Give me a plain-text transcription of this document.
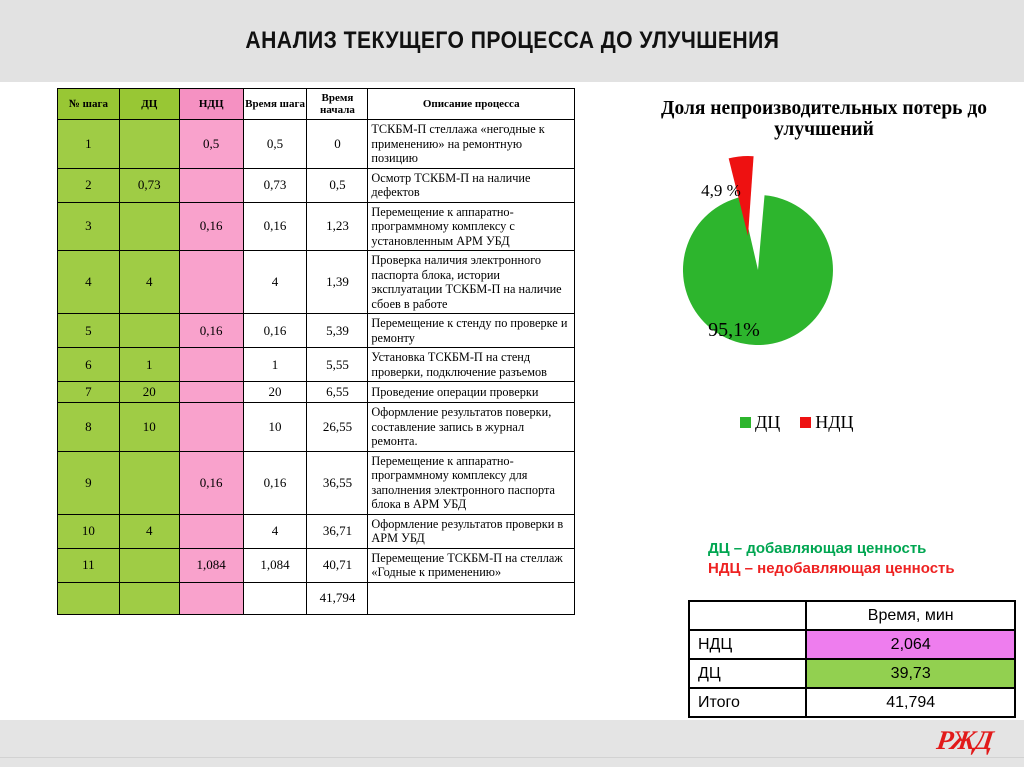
АНАЛИЗ ТЕКУЩЕГО ПРОЦЕССА ДО УЛУЧШЕНИЯ
№ шага	ДЦ	НДЦ	Время шага	Время начала	Описание процесса
1		0,5	0,5	0	ТСКБМ-П стеллажа «негодные к применению» на ремонтную позицию
2	0,73		0,73	0,5	Осмотр ТСКБМ-П на наличие дефектов
3		0,16	0,16	1,23	Перемещение к аппаратно-программному комплексу с установленным АРМ УБД
4	4		4	1,39	Проверка наличия электронного паспорта блока, истории эксплуатации ТСКБМ-П на наличие сбоев в работе
5		0,16	0,16	5,39	Перемещение к стенду по проверке и ремонту
6	1		1	5,55	Установка ТСКБМ-П на стенд проверки, подключение разъемов
7	20		20	6,55	Проведение операции проверки
8	10		10	26,55	Оформление результатов поверки, составление запись в журнал ремонта.
9		0,16	0,16	36,55	Перемещение к аппаратно-программному комплексу для заполнения электронного паспорта блока в АРМ УБД
10	4		4	36,71	Оформление результатов проверки в АРМ УБД
11		1,084	1,084	40,71	Перемещение ТСКБМ-П на стеллаж «Годные к применению»
				41,794	
Доля непроизводительных потерь до улучшений
4,9 %
95,1%
ДЦ НДЦ
ДЦ – добавляющая ценность
НДЦ – недобавляющая ценность
	Время, мин
НДЦ	2,064
ДЦ	39,73
Итого	41,794
РЖД
